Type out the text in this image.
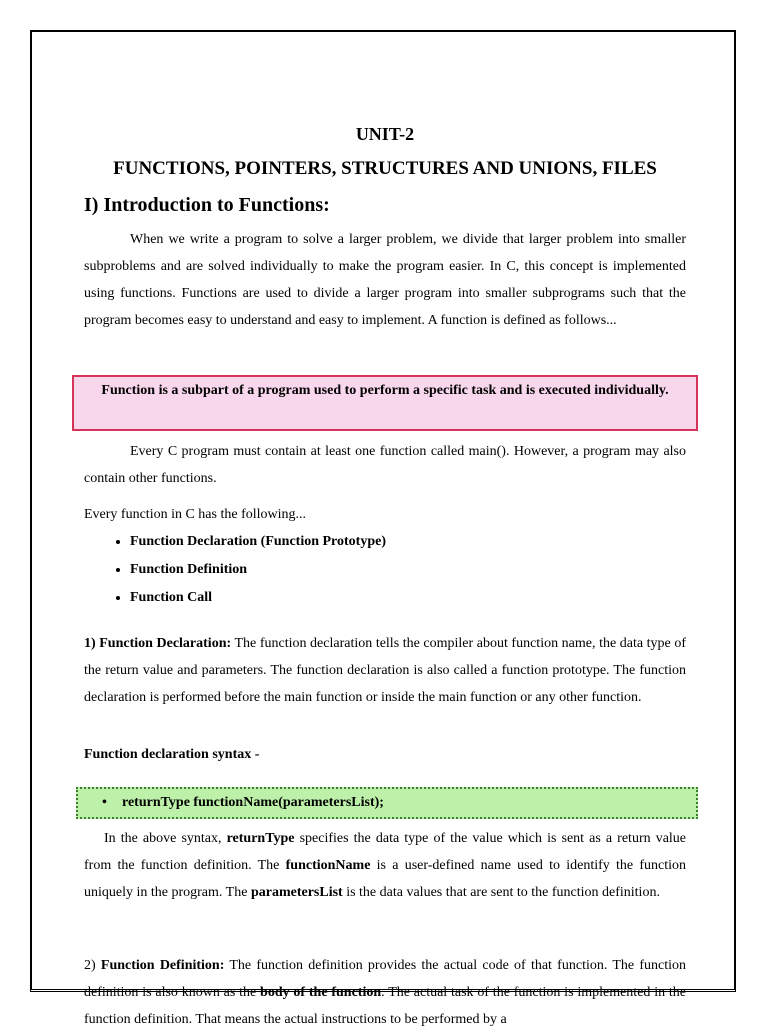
UNIT-2
FUNCTIONS, POINTERS, STRUCTURES AND UNIONS, FILES
I) Introduction to Functions:

When we write a program to solve a larger problem, we divide that larger problem into smaller subproblems and are solved individually to make the program easier. In C, this concept is implemented using functions. Functions are used to divide a larger program into smaller subprograms such that the program becomes easy to understand and easy to implement. A function is defined as follows...

Function is a subpart of a program used to perform a specific task and is executed individually.

Every C program must contain at least one function called main(). However, a program may also contain other functions.

Every function in C has the following...

• Function Declaration (Function Prototype)
• Function Definition
• Function Call

1) Function Declaration: The function declaration tells the compiler about function name, the data type of the return value and parameters. The function declaration is also called a function prototype. The function declaration is performed before the main function or inside the main function or any other function.

Function declaration syntax -
• returnType functionName(parametersList);

In the above syntax, returnType specifies the data type of the value which is sent as a return value from the function definition. The functionName is a user-defined name used to identify the function uniquely in the program. The parametersList is the data values that are sent to the function definition.

2) Function Definition: The function definition provides the actual code of that function. The function definition is also known as the body of the function. The actual task of the function is implemented in the function definition. That means the actual instructions to be performed by a
